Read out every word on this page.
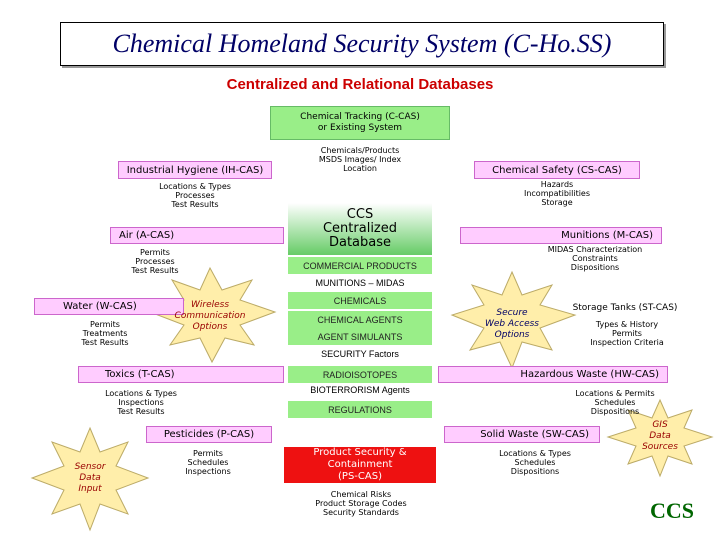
Chemical Homeland Security System (C-Ho.SS)
Centralized and Relational Databases
Chemical Tracking (C-CAS)
or Existing System
Chemicals/Products
MSDS Images/ Index
Location
Industrial Hygiene (IH-CAS)
Locations & Types
Processes
Test Results
Chemical Safety (CS-CAS)
Hazards
Incompatibilities
Storage
Air (A-CAS)
Permits
Processes
Test Results
Munitions (M-CAS)
MIDAS Characterization
Constraints
Dispositions
CCS
Centralized
Database
COMMERCIAL PRODUCTS
MUNITIONS – MIDAS
CHEMICALS
CHEMICAL AGENTS
AGENT SIMULANTS
SECURITY Factors
RADIOISOTOPES
BIOTERRORISM Agents
REGULATIONS
Water (W-CAS)
Permits
Treatments
Test Results
Wireless
Communication
Options
Secure
Web Access
Options
Storage Tanks (ST-CAS)
Types & History
Permits
Inspection Criteria
Toxics (T-CAS)
Locations & Types
Inspections
Test Results
Hazardous Waste (HW-CAS)
Locations & Permits
Schedules
Dispositions
Pesticides (P-CAS)
Permits
Schedules
Inspections
Product Security & Containment
(PS-CAS)
Chemical Risks
Product Storage Codes
Security Standards
Solid Waste (SW-CAS)
Locations & Types
Schedules
Dispositions
GIS
Data
Sources
Sensor
Data
Input
CCS
